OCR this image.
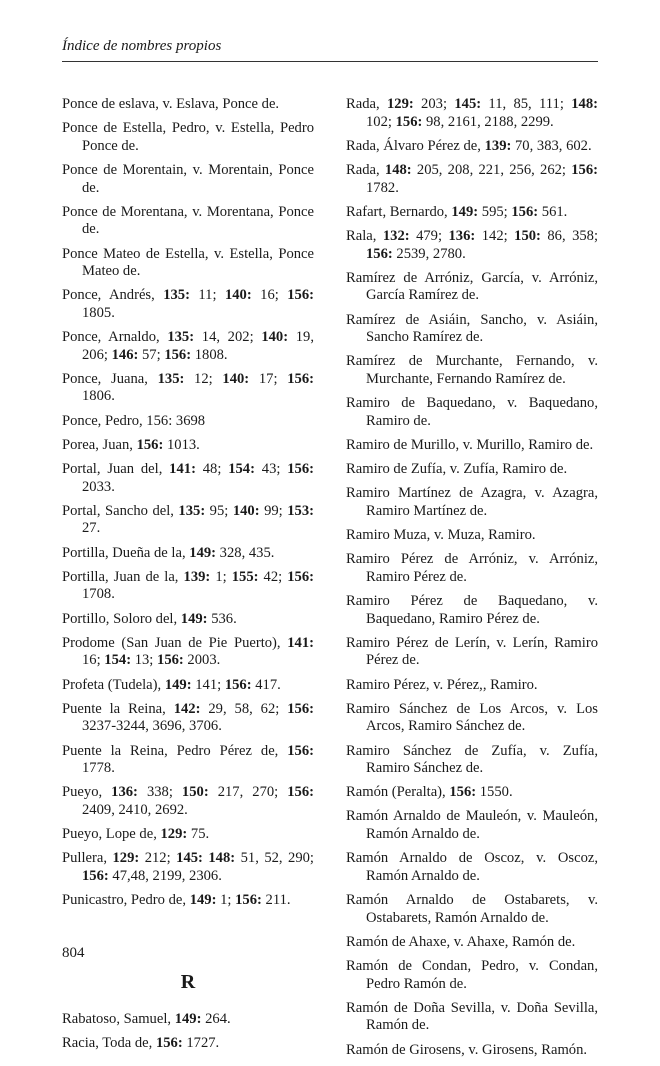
Índice de nombres propios

Ponce de eslava, v. Eslava, Ponce de.

Ponce de Estella, Pedro, v. Estella, Pedro Ponce de.

Ponce de Morentain, v. Morentain, Ponce de.

Ponce de Morentana, v. Morentana, Ponce de.

Ponce Mateo de Estella, v. Estella, Ponce Mateo de.

Ponce, Andrés, 135: 11; 140: 16; 156: 1805.

Ponce, Arnaldo, 135: 14, 202; 140: 19, 206; 146: 57; 156: 1808.

Ponce, Juana, 135: 12; 140: 17; 156: 1806.

Ponce, Pedro, 156: 3698

Porea, Juan, 156: 1013.

Portal, Juan del, 141: 48; 154: 43; 156: 2033.

Portal, Sancho del, 135: 95; 140: 99; 153: 27.

Portilla, Dueña de la, 149: 328, 435.

Portilla, Juan de la, 139: 1; 155: 42; 156: 1708.

Portillo, Soloro del, 149: 536.

Prodome (San Juan de Pie Puerto), 141: 16; 154: 13; 156: 2003.

Profeta (Tudela), 149: 141; 156: 417.

Puente la Reina, 142: 29, 58, 62; 156: 3237-3244, 3696, 3706.

Puente la Reina, Pedro Pérez de, 156: 1778.

Pueyo, 136: 338; 150: 217, 270; 156: 2409, 2410, 2692.

Pueyo, Lope de, 129: 75.

Pullera, 129: 212; 145: 148: 51, 52, 290; 156: 47,48, 2199, 2306.

Punicastro, Pedro de, 149: 1; 156: 211.

R

Rabatoso, Samuel, 149: 264.

Racia, Toda de, 156: 1727.

Rada, 129: 203; 145: 11, 85, 111; 148: 102; 156: 98, 2161, 2188, 2299.

Rada, Álvaro Pérez de, 139: 70, 383, 602.

Rada, 148: 205, 208, 221, 256, 262; 156: 1782.

Rafart, Bernardo, 149: 595; 156: 561.

Rala, 132: 479; 136: 142; 150: 86, 358; 156: 2539, 2780.

Ramírez de Arróniz, García, v. Arróniz, García Ramírez de.

Ramírez de Asiáin, Sancho, v. Asiáin, Sancho Ramírez de.

Ramírez de Murchante, Fernando, v. Murchante, Fernando Ramírez de.

Ramiro de Baquedano, v. Baquedano, Ramiro de.

Ramiro de Murillo, v. Murillo, Ramiro de.

Ramiro de Zufía, v. Zufía, Ramiro de.

Ramiro Martínez de Azagra, v. Azagra, Ramiro Martínez de.

Ramiro Muza, v. Muza, Ramiro.

Ramiro Pérez de Arróniz, v. Arróniz, Ramiro Pérez de.

Ramiro Pérez de Baquedano, v. Baquedano, Ramiro Pérez de.

Ramiro Pérez de Lerín, v. Lerín, Ramiro Pérez de.

Ramiro Pérez, v. Pérez,, Ramiro.

Ramiro Sánchez de Los Arcos, v. Los Arcos, Ramiro Sánchez de.

Ramiro Sánchez de Zufía, v. Zufía, Ramiro Sánchez de.

Ramón (Peralta), 156: 1550.

Ramón Arnaldo de Mauleón, v. Mauleón, Ramón Arnaldo de.

Ramón Arnaldo de Oscoz, v. Oscoz, Ramón Arnaldo de.

Ramón Arnaldo de Ostabarets, v. Ostabarets, Ramón Arnaldo de.

Ramón de Ahaxe, v. Ahaxe, Ramón de.

Ramón de Condan, Pedro, v. Condan, Pedro Ramón de.

Ramón de Doña Sevilla, v. Doña Sevilla, Ramón de.

Ramón de Girosens, v. Girosens, Ramón.

804
